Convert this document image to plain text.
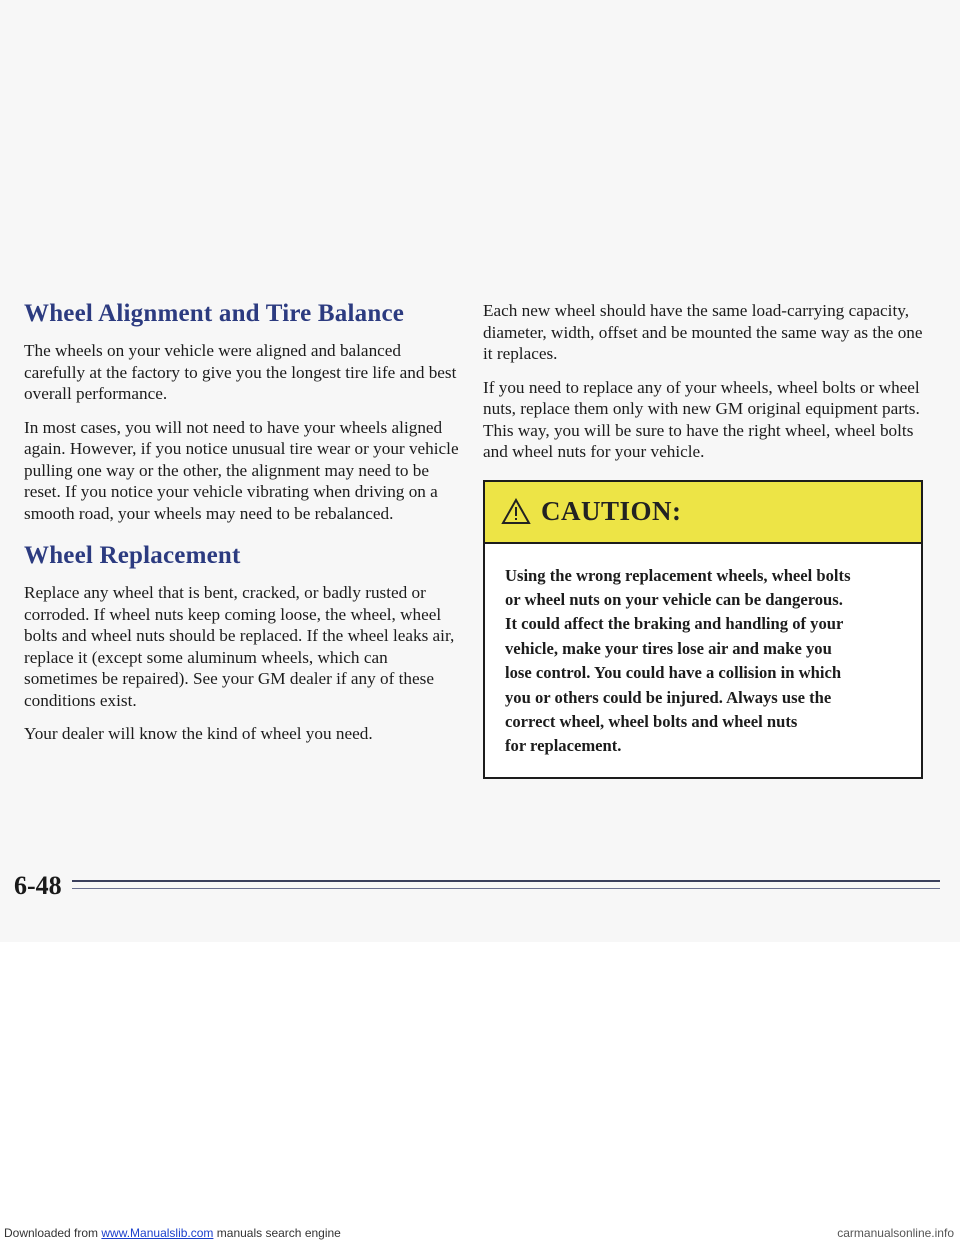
Wheel Alignment and Tire Balance

The wheels on your vehicle were aligned and balanced carefully at the factory to give you the longest tire life and best overall performance.

In most cases, you will not need to have your wheels aligned again. However, if you notice unusual tire wear or your vehicle pulling one way or the other, the alignment may need to be reset. If you notice your vehicle vibrating when driving on a smooth road, your wheels may need to be rebalanced.

Wheel Replacement

Replace any wheel that is bent, cracked, or badly rusted or corroded. If wheel nuts keep coming loose, the wheel, wheel bolts and wheel nuts should be replaced. If the wheel leaks air, replace it (except some aluminum wheels, which can sometimes be repaired). See your GM dealer if any of these conditions exist.

Your dealer will know the kind of wheel you need.

Each new wheel should have the same load-carrying capacity, diameter, width, offset and be mounted the same way as the one it replaces.

If you need to replace any of your wheels, wheel bolts or wheel nuts, replace them only with new GM original equipment parts. This way, you will be sure to have the right wheel, wheel bolts and wheel nuts for your vehicle.

CAUTION:
Using the wrong replacement wheels, wheel bolts
or wheel nuts on your vehicle can be dangerous.
It could affect the braking and handling of your
vehicle, make your tires lose air and make you
lose control. You could have a collision in which
you or others could be injured. Always use the
correct wheel, wheel bolts and wheel nuts
for replacement.
6-48
Downloaded from www.Manualslib.com manuals search engine	carmanualsonline.info
